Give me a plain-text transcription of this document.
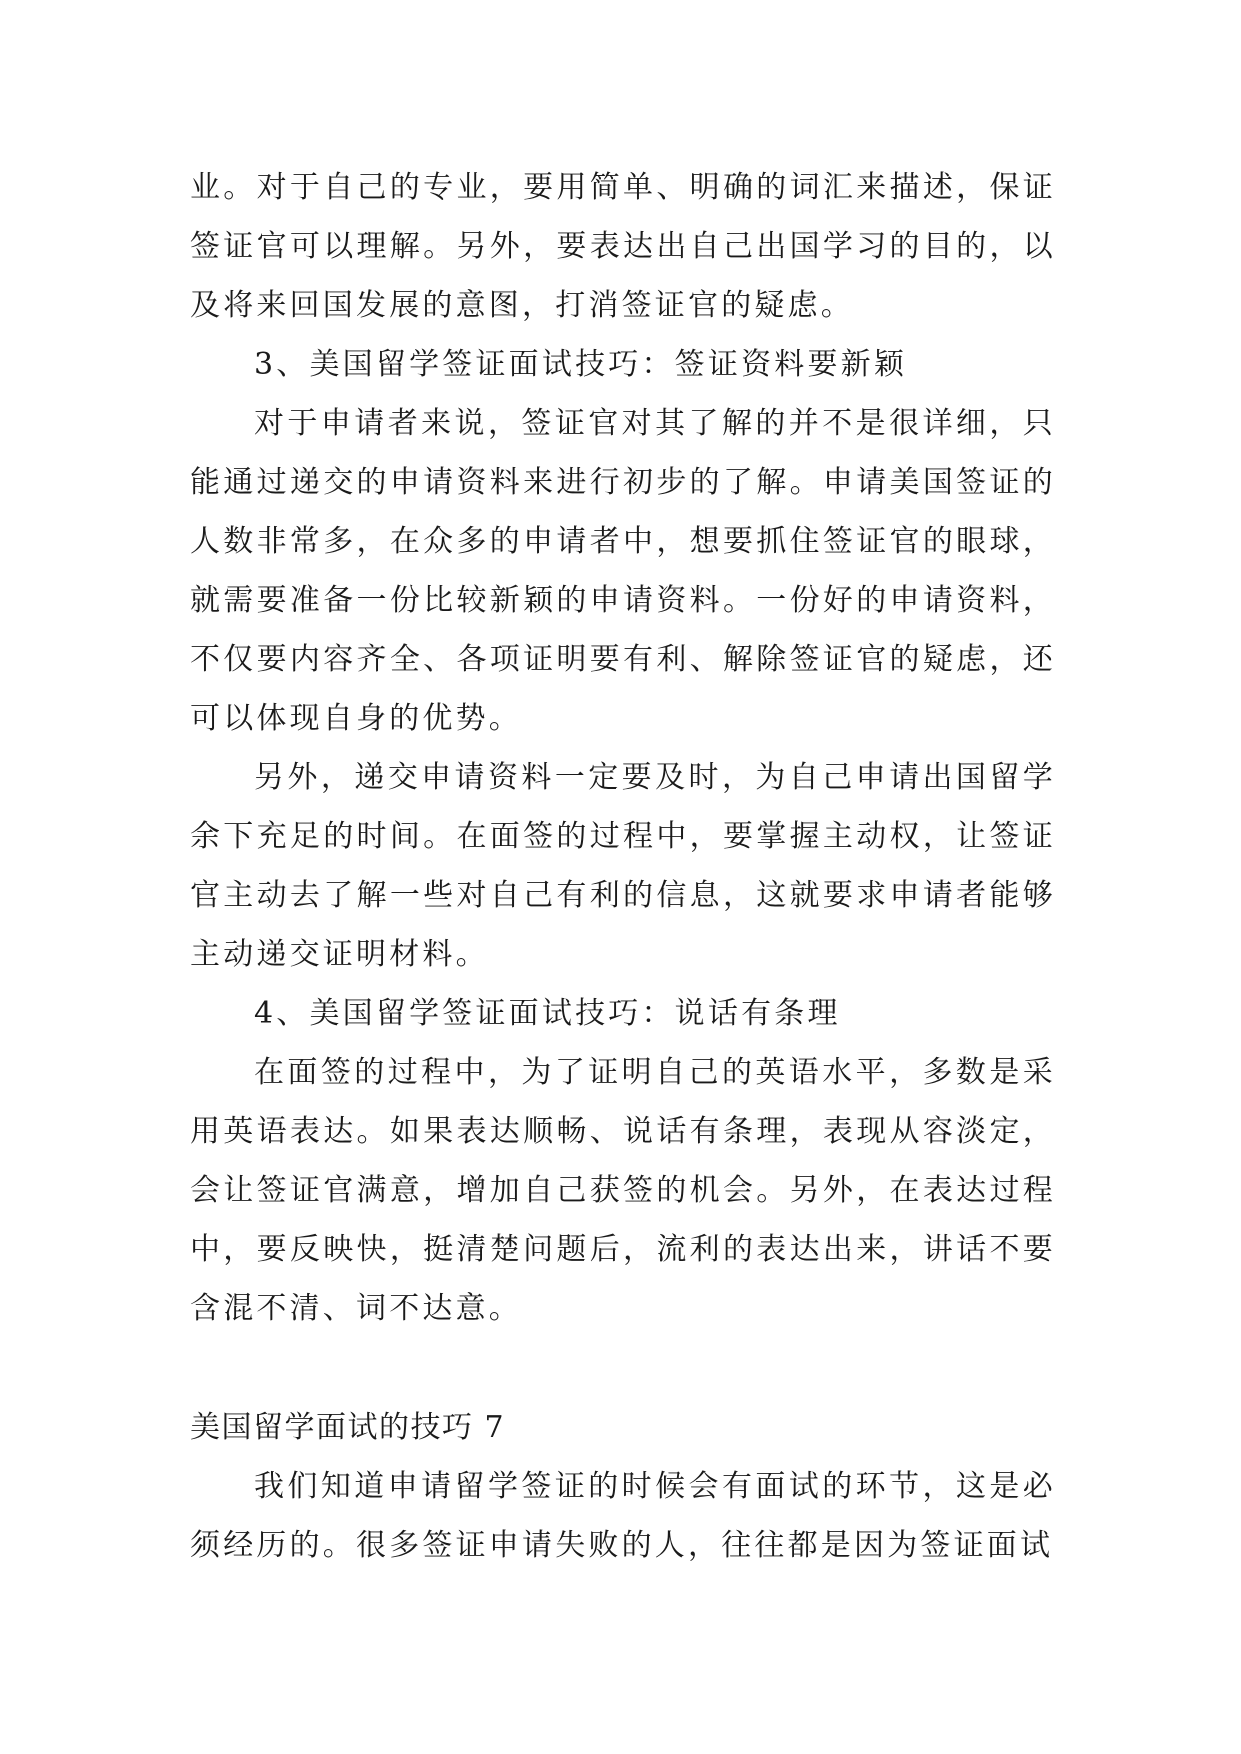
业。对于自己的专业，要用简单、明确的词汇来描述，保证签证官可以理解。另外，要表达出自己出国学习的目的，以及将来回国发展的意图，打消签证官的疑虑。

3、美国留学签证面试技巧：签证资料要新颖

对于申请者来说，签证官对其了解的并不是很详细，只能通过递交的申请资料来进行初步的了解。申请美国签证的人数非常多，在众多的申请者中，想要抓住签证官的眼球，就需要准备一份比较新颖的申请资料。一份好的申请资料，不仅要内容齐全、各项证明要有利、解除签证官的疑虑，还可以体现自身的优势。

另外，递交申请资料一定要及时，为自己申请出国留学余下充足的时间。在面签的过程中，要掌握主动权，让签证官主动去了解一些对自己有利的信息，这就要求申请者能够主动递交证明材料。

4、美国留学签证面试技巧：说话有条理

在面签的过程中，为了证明自己的英语水平，多数是采用英语表达。如果表达顺畅、说话有条理，表现从容淡定，会让签证官满意，增加自己获签的机会。另外，在表达过程中，要反映快，挺清楚问题后，流利的表达出来，讲话不要含混不清、词不达意。

美国留学面试的技巧 7

我们知道申请留学签证的时候会有面试的环节，这是必须经历的。很多签证申请失败的人，往往都是因为签证面试
